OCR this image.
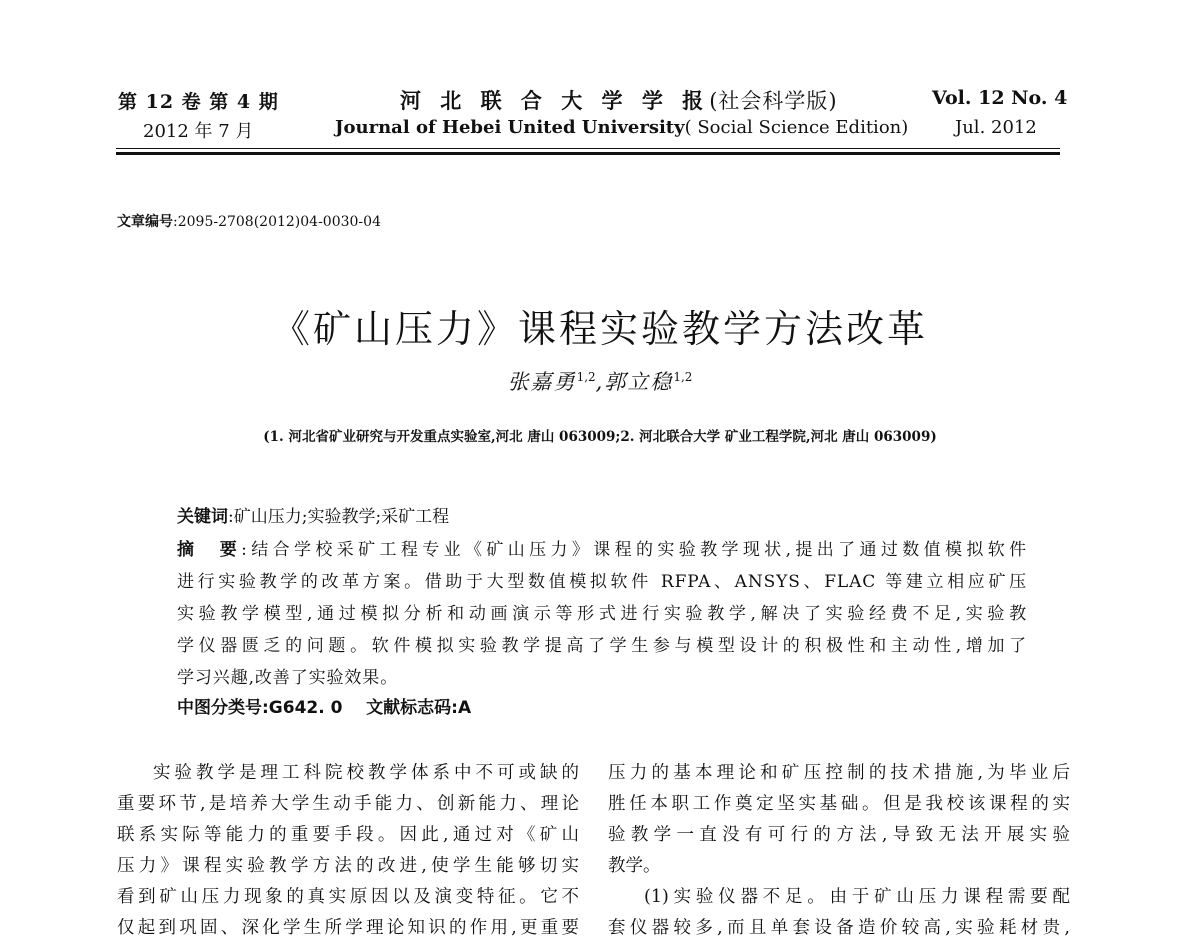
第 12 卷 第 4 期
2012 年 7 月
河 北 联 合 大 学 学 报(社会科学版)
Journal of Hebei United University( Social Science Edition)
Vol. 12 No. 4
Jul. 2012
文章编号:2095-2708(2012)04-0030-04
《矿山压力》课程实验教学方法改革
张嘉勇$^{1,2}$,郭立稳$^{1,2}$
(1. 河北省矿业研究与开发重点实验室,河北 唐山 063009;2. 河北联合大学 矿业工程学院,河北 唐山 063009)
关键词:矿山压力;实验教学;采矿工程
摘　要:结合学校采矿工程专业《矿山压力》课程的实验教学现状,提出了通过数值模拟软件
进行实验教学的改革方案。借助于大型数值模拟软件 RFPA、ANSYS、FLAC 等建立相应矿压
实验教学模型,通过模拟分析和动画演示等形式进行实验教学,解决了实验经费不足,实验教
学仪器匮乏的问题。软件模拟实验教学提高了学生参与模型设计的积极性和主动性,增加了
学习兴趣,改善了实验效果。
中图分类号:G642. 0 文献标志码:A

实验教学是理工科院校教学体系中不可或缺的

重要环节,是培养大学生动手能力、创新能力、理论

联系实际等能力的重要手段。因此,通过对《矿山

压力》课程实验教学方法的改进,使学生能够切实

看到矿山压力现象的真实原因以及演变特征。它不

仅起到巩固、深化学生所学理论知识的作用,更重要

压力的基本理论和矿压控制的技术措施,为毕业后

胜任本职工作奠定坚实基础。但是我校该课程的实

验教学一直没有可行的方法,导致无法开展实验

教学。

(1)实验仪器不足。由于矿山压力课程需要配

套仪器较多,而且单套设备造价较高,实验耗材贵,
